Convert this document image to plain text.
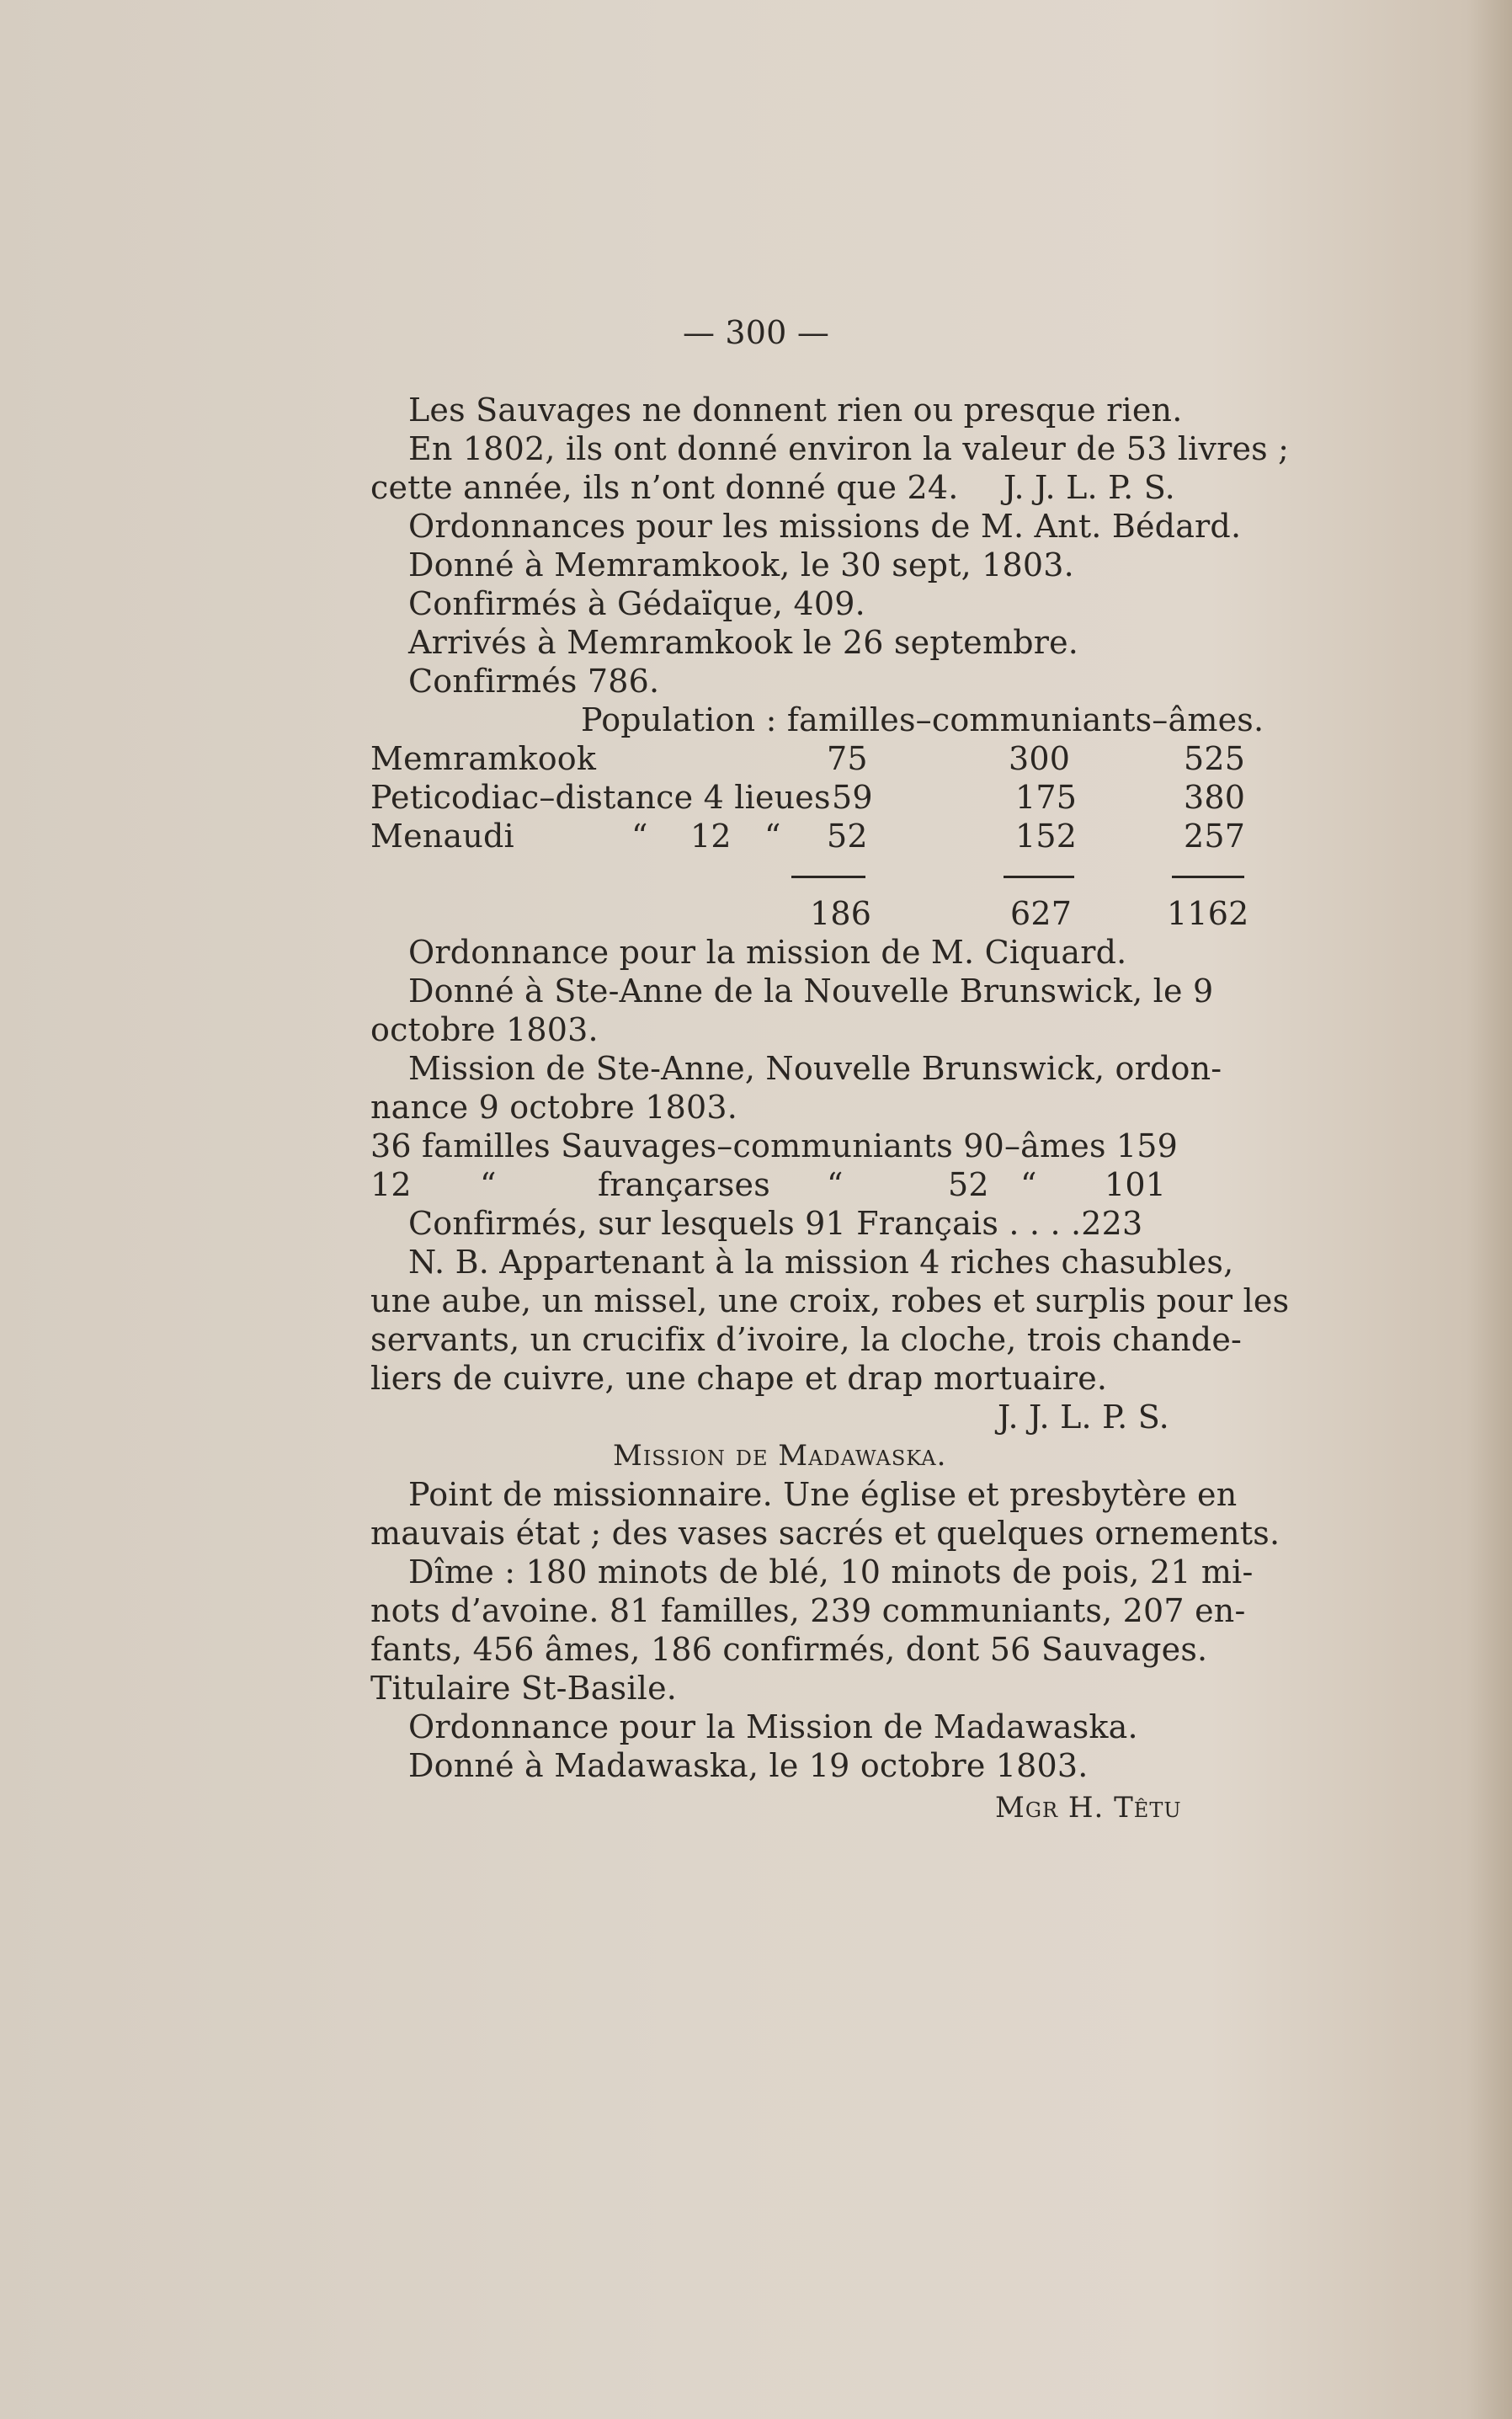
— 300 —
Les Sauvages ne donnent rien ou presque rien.
En 1802, ils ont donné environ la valeur de 53 livres ;
cette année, ils n’ont donné que 24. J. J. L. P. S.
Ordonnances pour les missions de M. Ant. Bédard.
Donné à Memramkook, le 30 sept, 1803.
Confirmés à Gédaïque, 409.
Arrivés à Memramkook le 26 septembre.
Confirmés 786.
Population : familles–communiants–âmes.
Memramkook	75	300	525
Peticodiac–distance 4 lieues 59	175	380
Menaudi	“ 12 “ 52	152	257
186	627	1162
Ordonnance pour la mission de M. Ciquard.
Donné à Ste-Anne de la Nouvelle Brunswick, le 9
octobre 1803.
Mission de Ste-Anne, Nouvelle Brunswick, ordon-
nance 9 octobre 1803.
36 familles Sauvages–communiants 90–âmes 159
12 “	françarses “	52 “ 101
Confirmés, sur lesquels 91 Français . . . .223
N. B. Appartenant à la mission 4 riches chasubles,
une aube, un missel, une croix, robes et surplis pour les
servants, un crucifix d’ivoire, la cloche, trois chande-
liers de cuivre, une chape et drap mortuaire.
J. J. L. P. S.
Mission de Madawaska.
Point de missionnaire. Une église et presbytère en
mauvais état ; des vases sacrés et quelques ornements.
Dîme : 180 minots de blé, 10 minots de pois, 21 mi-
nots d’avoine. 81 familles, 239 communiants, 207 en-
fants, 456 âmes, 186 confirmés, dont 56 Sauvages.
Titulaire St-Basile.
Ordonnance pour la Mission de Madawaska.
Donné à Madawaska, le 19 octobre 1803.
Mgr H. Têtu
